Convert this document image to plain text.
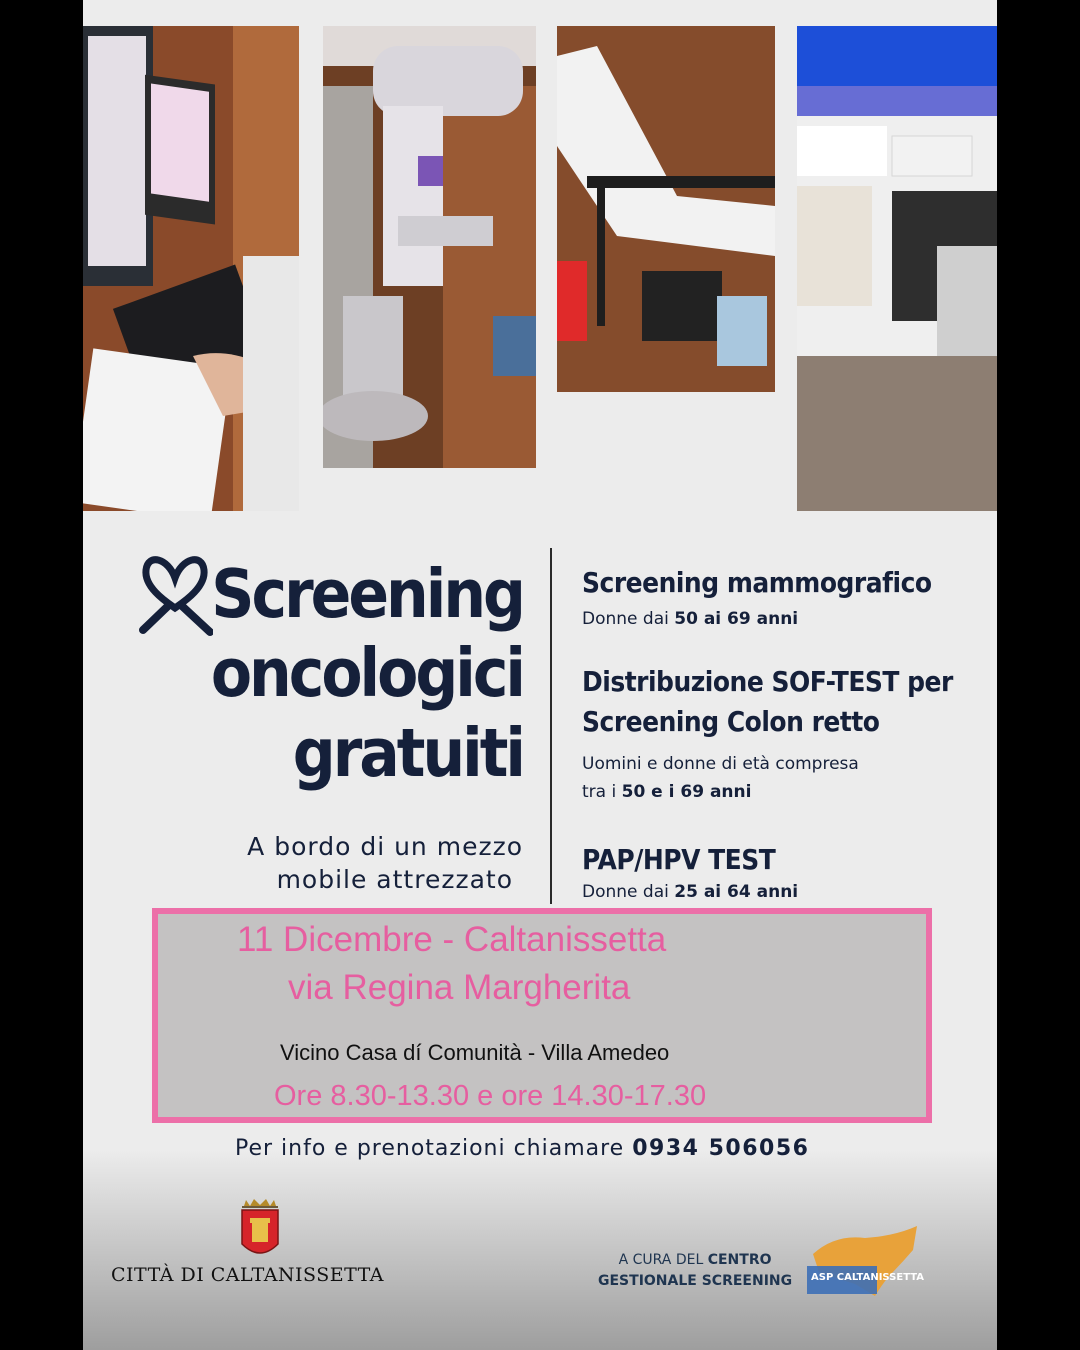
Screening
oncologici
gratuiti
A bordo di un mezzo
mobile attrezzato
Screening mammografico
Donne dai 50 ai 69 anni
Distribuzione SOF-TEST per
Screening Colon retto
Uomini e donne di età compresa
tra i 50 e i 69 anni
PAP/HPV TEST
Donne dai 25 ai 64 anni
11 Dicembre - Caltanissetta
via Regina Margherita
Vicino Casa dí Comunità - Villa Amedeo
Ore 8.30-13.30 e ore 14.30-17.30
Per info e prenotazioni chiamare 0934 506056
CITTÀ DI CALTANISSETTA
A CURA DEL CENTRO
GESTIONALE SCREENING ASP CALTANISSETTA
